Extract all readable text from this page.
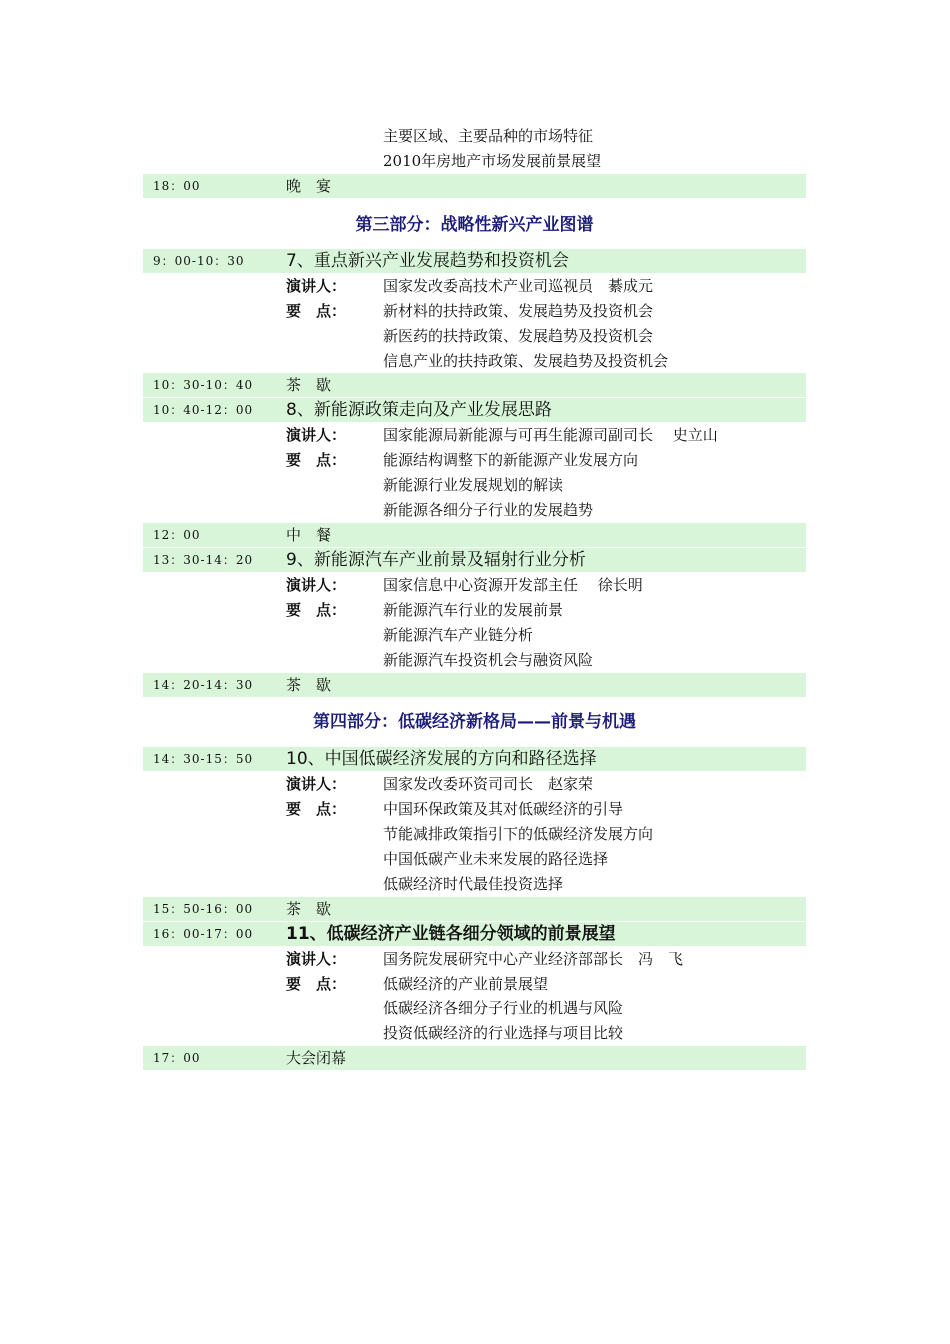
主要区域、主要品种的市场特征
2010年房地产市场发展前景展望
18：00	晚　宴
第三部分：战略性新兴产业图谱
9：00-10：30 7、重点新兴产业发展趋势和投资机会
演讲人： 国家发改委高技术产业司巡视员　綦成元
要　点： 新材料的扶持政策、发展趋势及投资机会
新医药的扶持政策、发展趋势及投资机会
信息产业的扶持政策、发展趋势及投资机会
10：30-10：40 茶　歇
10：40-12：00 8、新能源政策走向及产业发展思路
演讲人： 国家能源局新能源与可再生能源司副司长　 史立山
要　点： 能源结构调整下的新能源产业发展方向
新能源行业发展规划的解读
新能源各细分子行业的发展趋势
12：00	中　餐
13：30-14：20 9、新能源汽车产业前景及辐射行业分析
演讲人： 国家信息中心资源开发部主任　 徐长明
要　点： 新能源汽车行业的发展前景
新能源汽车产业链分析
新能源汽车投资机会与融资风险
14：20-14：30 茶　歇
第四部分：低碳经济新格局——前景与机遇
14：30-15：50 10、中国低碳经济发展的方向和路径选择
演讲人： 国家发改委环资司司长　赵家荣
要　点： 中国环保政策及其对低碳经济的引导
节能减排政策指引下的低碳经济发展方向
中国低碳产业未来发展的路径选择
低碳经济时代最佳投资选择
15：50-16：00 茶　歇
16：00-17：00 11、低碳经济产业链各细分领域的前景展望
演讲人： 国务院发展研究中心产业经济部部长　冯　飞
要　点： 低碳经济的产业前景展望
低碳经济各细分子行业的机遇与风险
投资低碳经济的行业选择与项目比较
17：00	大会闭幕
